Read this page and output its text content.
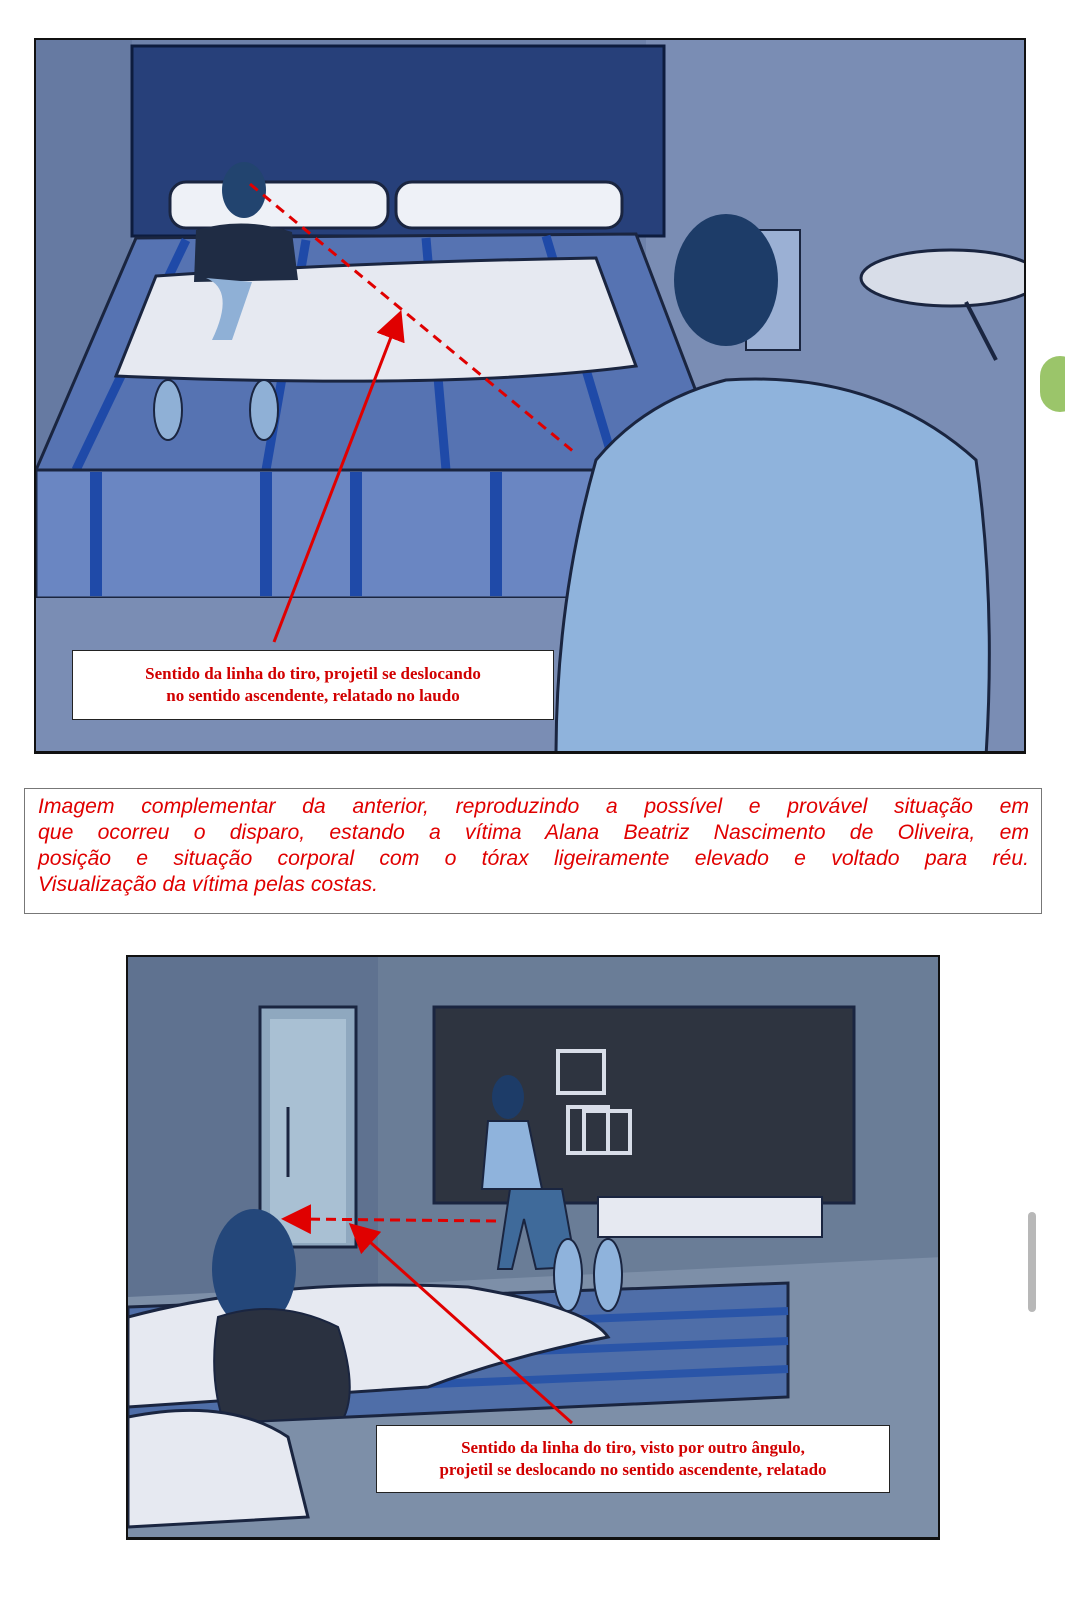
Sentido da linha do tiro, projetil se deslocando
no sentido ascendente, relatado no laudo
Imagem complementar da anterior, reproduzindo a possível e provável situação em
que ocorreu o disparo, estando a vítima Alana Beatriz Nascimento de Oliveira, em
posição e situação corporal com o tórax ligeiramente elevado e voltado para réu.
Visualização da vítima pelas costas.
Sentido da linha do tiro, visto por outro ângulo,
projetil se deslocando no sentido ascendente, relatado
